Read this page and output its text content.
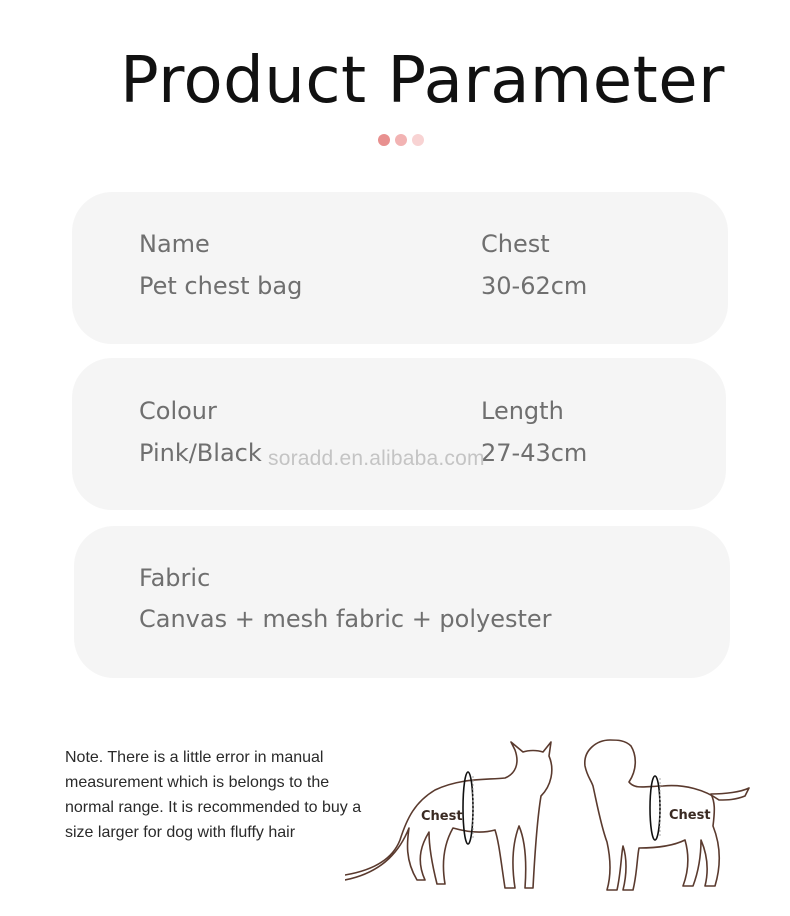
Product Parameter
Name
Pet chest bag
Chest
30-62cm
Colour
Pink/Black
Length
27-43cm
Fabric
Canvas + mesh fabric + polyester
soradd.en.alibaba.com

Note. There is a little error in manual measurement which is belongs to the normal range. It is recommended to buy a size larger for dog with fluffy hair

Chest	Chest
